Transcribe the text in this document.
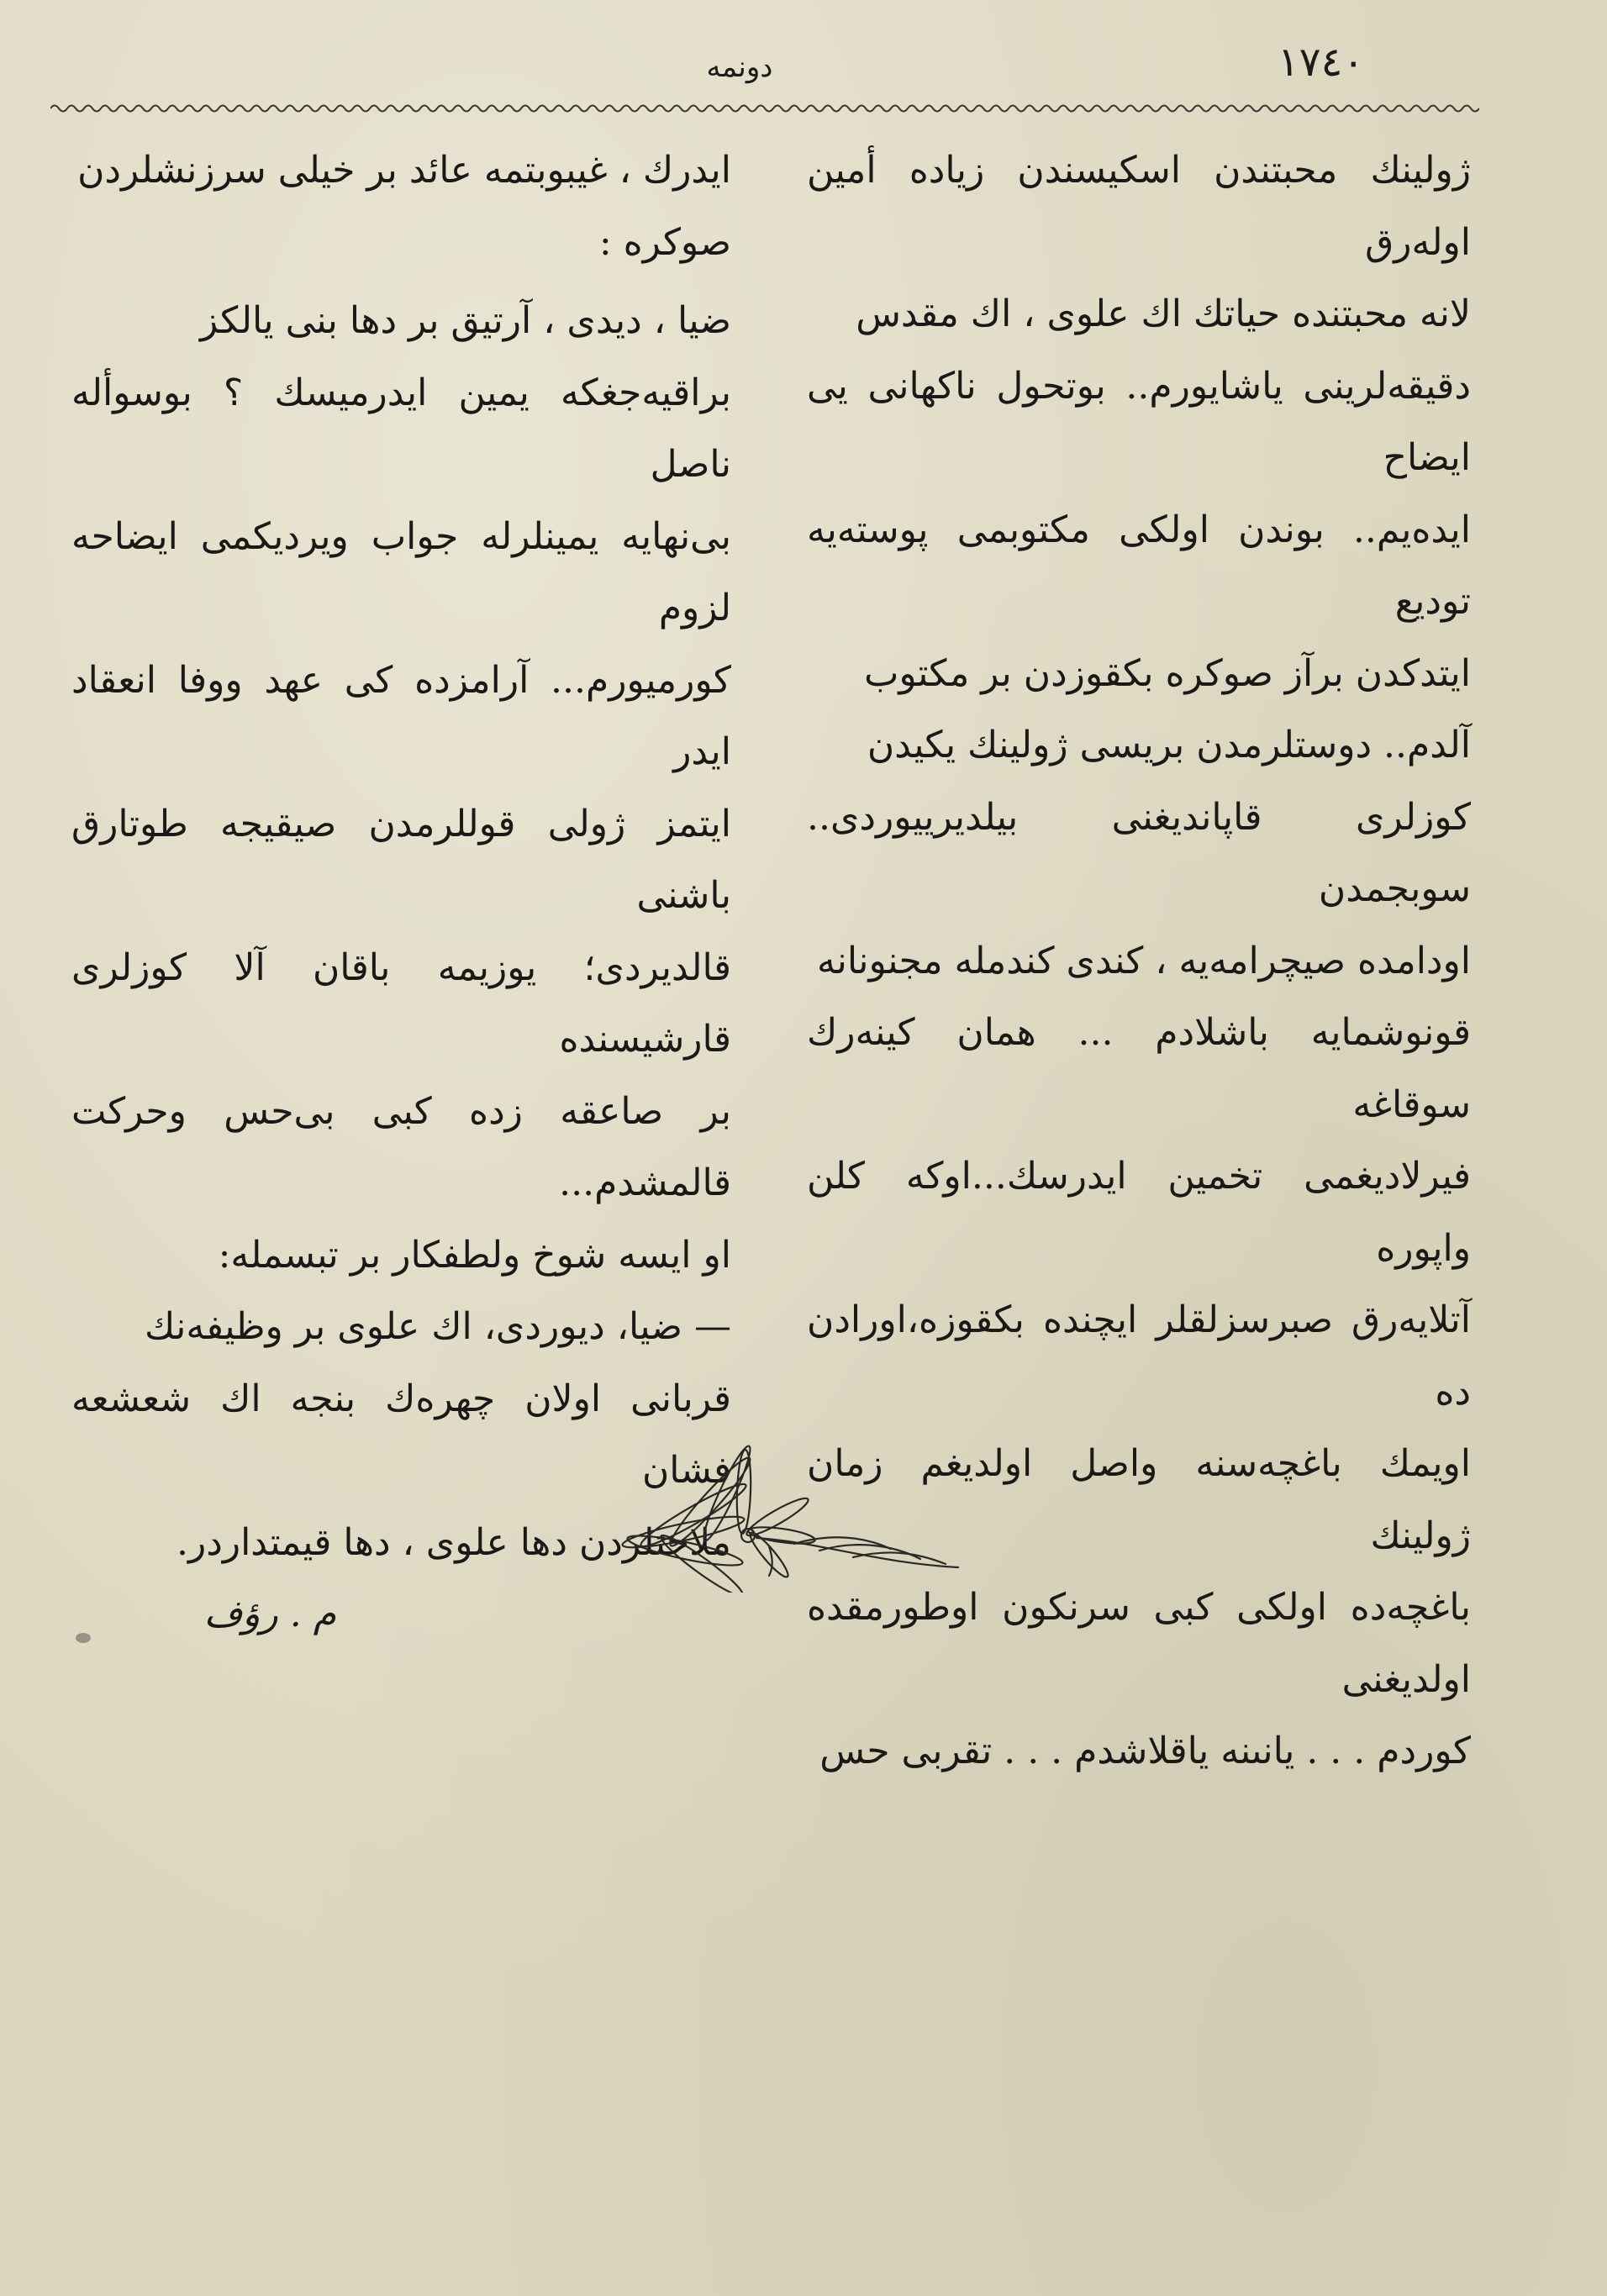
١٧٤٠
دونمه

ژولینك محبتندن اسكيسندن زياده أمين اولەرق

لانه محبتنده حياتك اك علوى ، اك مقدس

دقيقەلرينى ياشايورم.. بوتحول ناكهانى يى ايضاح

ايدەيم.. بوندن اولكى مكتوبمى پوستەيه توديع

ايتدكدن برآز صوكره بكقوزدن بر مكتوب

آلدم.. دوستلرمدن بريسى ژولينك يكيدن

كوزلرى قاپانديغنى بيلديرييوردى.. سوبجمدن

اودامده صيچرامەيه ، كندى كندمله مجنونانه

قونوشمايه باشلادم ... همان كينەرك سوقاغه

فيرلاديغمى تخمين ايدرسك...اوكه كلن واپوره

آتلايەرق صبرسزلقلر ايچنده بكقوزه،اورادن ده

اويمك باغچەسنه واصل اولديغم زمان ژولينك

باغچەدە اولكى كبى سرنكون اوطورمقدە اولديغنى

كوردم . . . يانىنه ياقلاشدم . . . تقربى حس

ايدرك ، غيبوبتمه عائد بر خيلى سرزنشلردن

صوكره :

ضيا ، ديدى ، آرتيق بر دها بنى يالكز

براقيەجغكه يمين ايدرميسك ؟ بوسوأله ناصل

بى‌نهايه يمينلرله جواب ويرديكمى ايضاحه لزوم

كورميورم... آرامزده كى عهد ووفا انعقاد ايدر

ايتمز ژولى قوللرمدن صيقيجه طوتارق باشنى

قالديردى؛ يوزيمه باقان آلا كوزلرى قارشيسنده

بر صاعقه زده كبى بى‌حس وحركت قالمشدم...

او ايسه شوخ ولطفكار بر تبسمله:

— ضيا، ديوردى، اك علوى بر وظيفەنك

قربانى اولان چهره‌ك بنجه اك شعشعه فشان

ملاحتلردن دها علوى ، دها قيمتداردر.

م . رؤف
